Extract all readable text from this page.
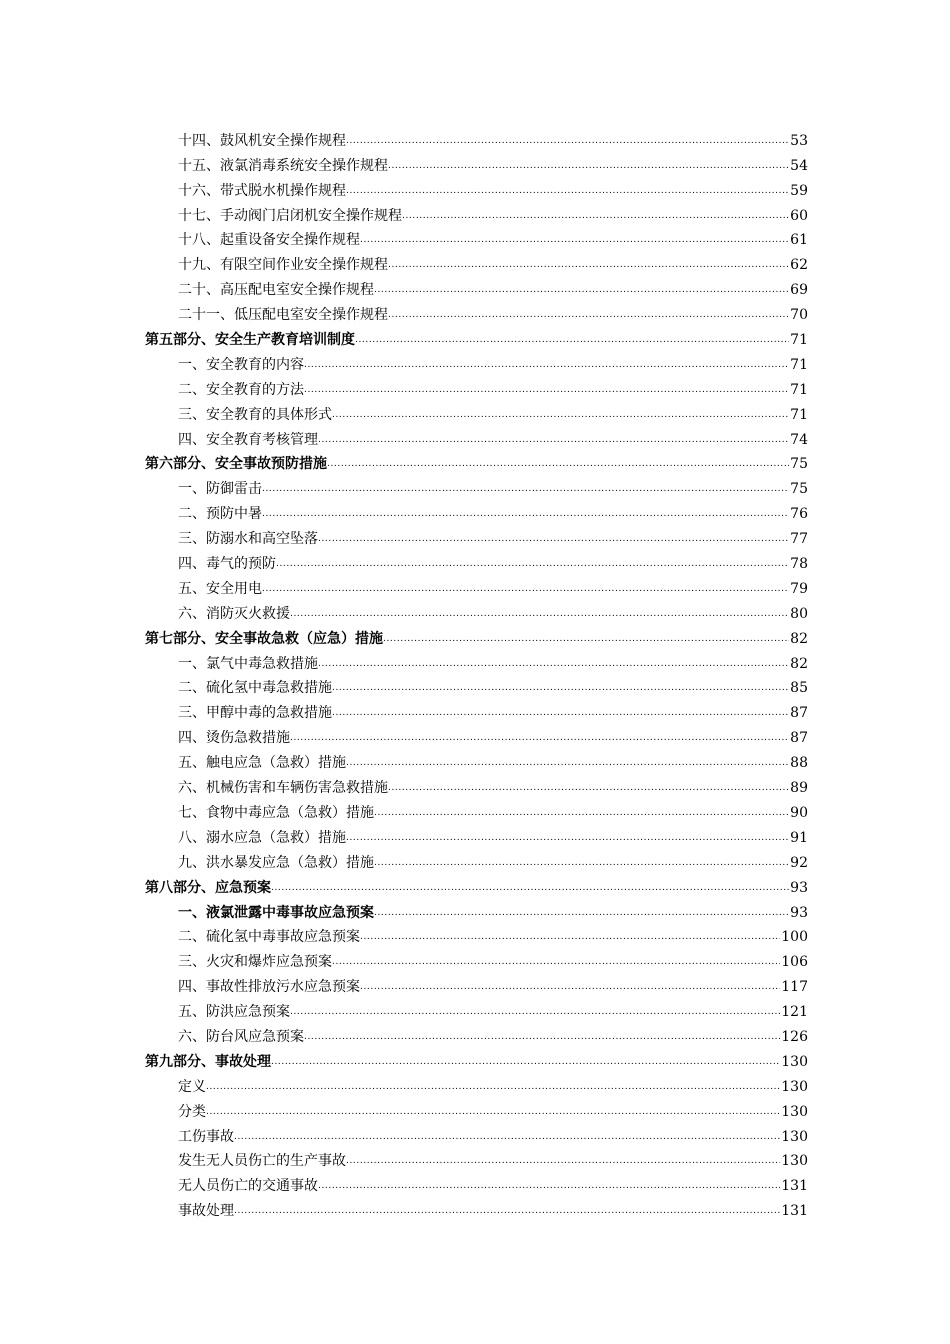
十四、鼓风机安全操作规程 .....	53
十五、液氯消毒系统安全操作规程 .....	54
十六、带式脱水机操作规程 .....	59
十七、手动阀门启闭机安全操作规程 .....	60
十八、起重设备安全操作规程 .....	61
十九、有限空间作业安全操作规程 .....	62
二十、高压配电室安全操作规程 .....	69
二十一、低压配电室安全操作规程 .....	70
第五部分、安全生产教育培训制度 .....	71
一、安全教育的内容 .....	71
二、安全教育的方法 .....	71
三、安全教育的具体形式 .....	71
四、安全教育考核管理 .....	74
第六部分、安全事故预防措施 .....	75
一、防御雷击 .....	75
二、预防中暑 .....	76
三、防溺水和高空坠落 .....	77
四、毒气的预防 .....	78
五、安全用电 .....	79
六、消防灭火救援 .....	80
第七部分、安全事故急救（应急）措施 .....	82
一、氯气中毒急救措施 .....	82
二、硫化氢中毒急救措施 .....	85
三、甲醇中毒的急救措施 .....	87
四、烫伤急救措施 .....	87
五、触电应急（急救）措施 .....	88
六、机械伤害和车辆伤害急救措施 .....	89
七、食物中毒应急（急救）措施 .....	90
八、溺水应急（急救）措施 .....	91
九、洪水暴发应急（急救）措施 .....	92
第八部分、应急预案 .....	93
一、液氯泄露中毒事故应急预案 .....	93
二、硫化氢中毒事故应急预案 .....	100
三、火灾和爆炸应急预案 .....	106
四、事故性排放污水应急预案 .....	117
五、防洪应急预案 .....	121
六、防台风应急预案 .....	126
第九部分、事故处理 .....	130
定义 .....	130
分类 .....	130
工伤事故 .....	130
发生无人员伤亡的生产事故 .....	130
无人员伤亡的交通事故 .....	131
事故处理 .....	131
